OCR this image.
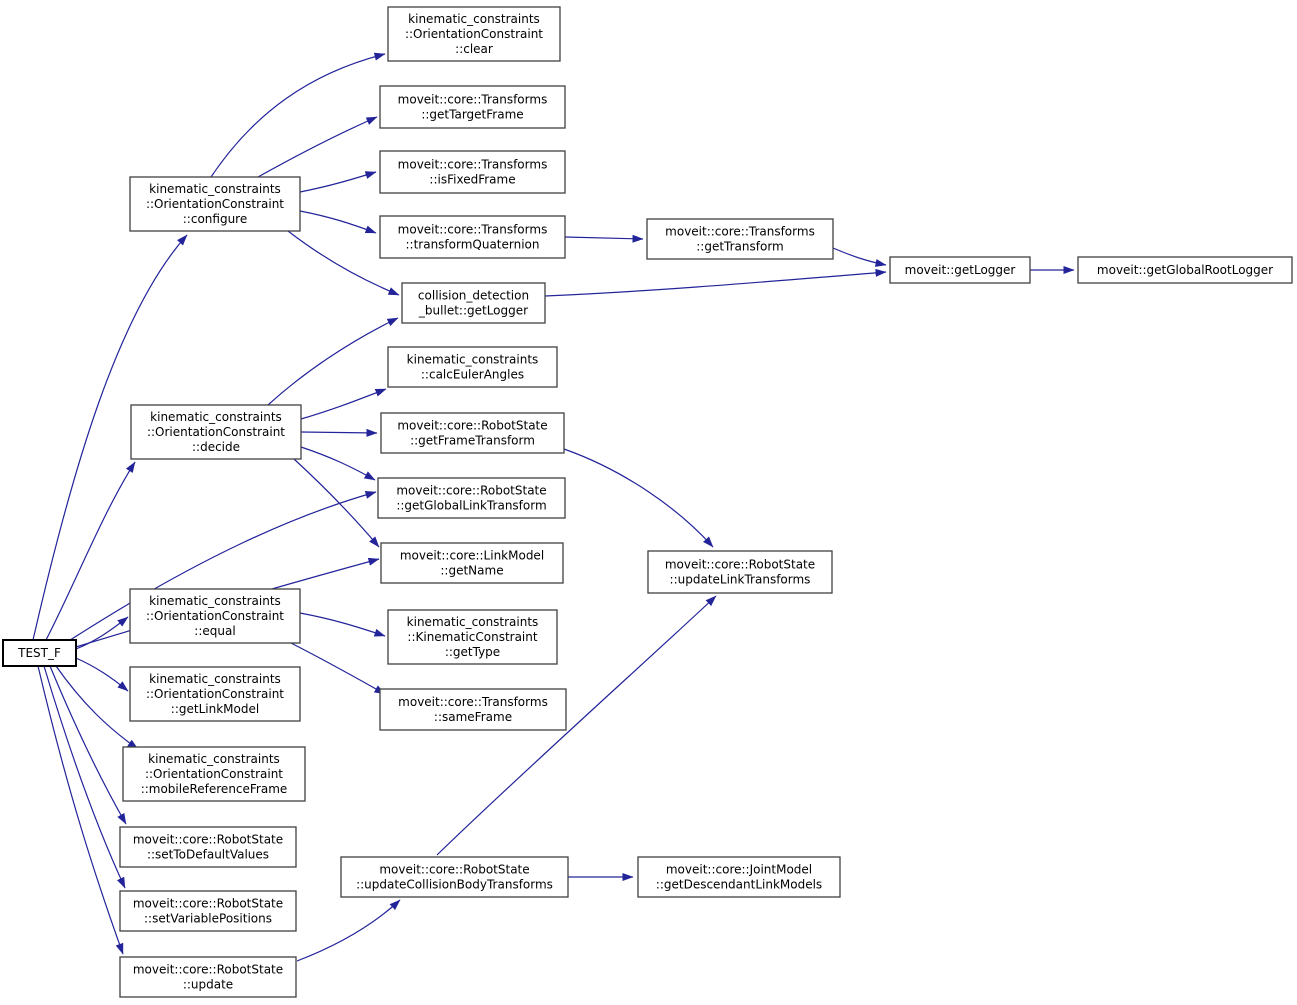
TEST_F
kinematic_constraints ::OrientationConstraint ::configure
kinematic_constraints ::OrientationConstraint ::clear
moveit::core::Transforms ::getTargetFrame
moveit::core::Transforms ::isFixedFrame
moveit::core::Transforms ::transformQuaternion
moveit::core::Transforms ::getTransform
moveit::getLogger	moveit::getGlobalRootLogger
collision_detection _bullet::getLogger
kinematic_constraints ::calcEulerAngles
kinematic_constraints ::OrientationConstraint ::decide
moveit::core::RobotState ::getFrameTransform
moveit::core::RobotState ::getGlobalLinkTransform
moveit::core::LinkModel ::getName	moveit::core::RobotState ::updateLinkTransforms
kinematic_constraints ::OrientationConstraint ::equal
kinematic_constraints ::KinematicConstraint ::getType
moveit::core::Transforms ::sameFrame
kinematic_constraints ::OrientationConstraint ::getLinkModel
kinematic_constraints ::OrientationConstraint ::mobileReferenceFrame
moveit::core::RobotState ::setToDefaultValues
moveit::core::RobotState ::setVariablePositions
moveit::core::RobotState ::update
moveit::core::RobotState ::updateCollisionBodyTransforms
moveit::core::JointModel ::getDescendantLinkModels
